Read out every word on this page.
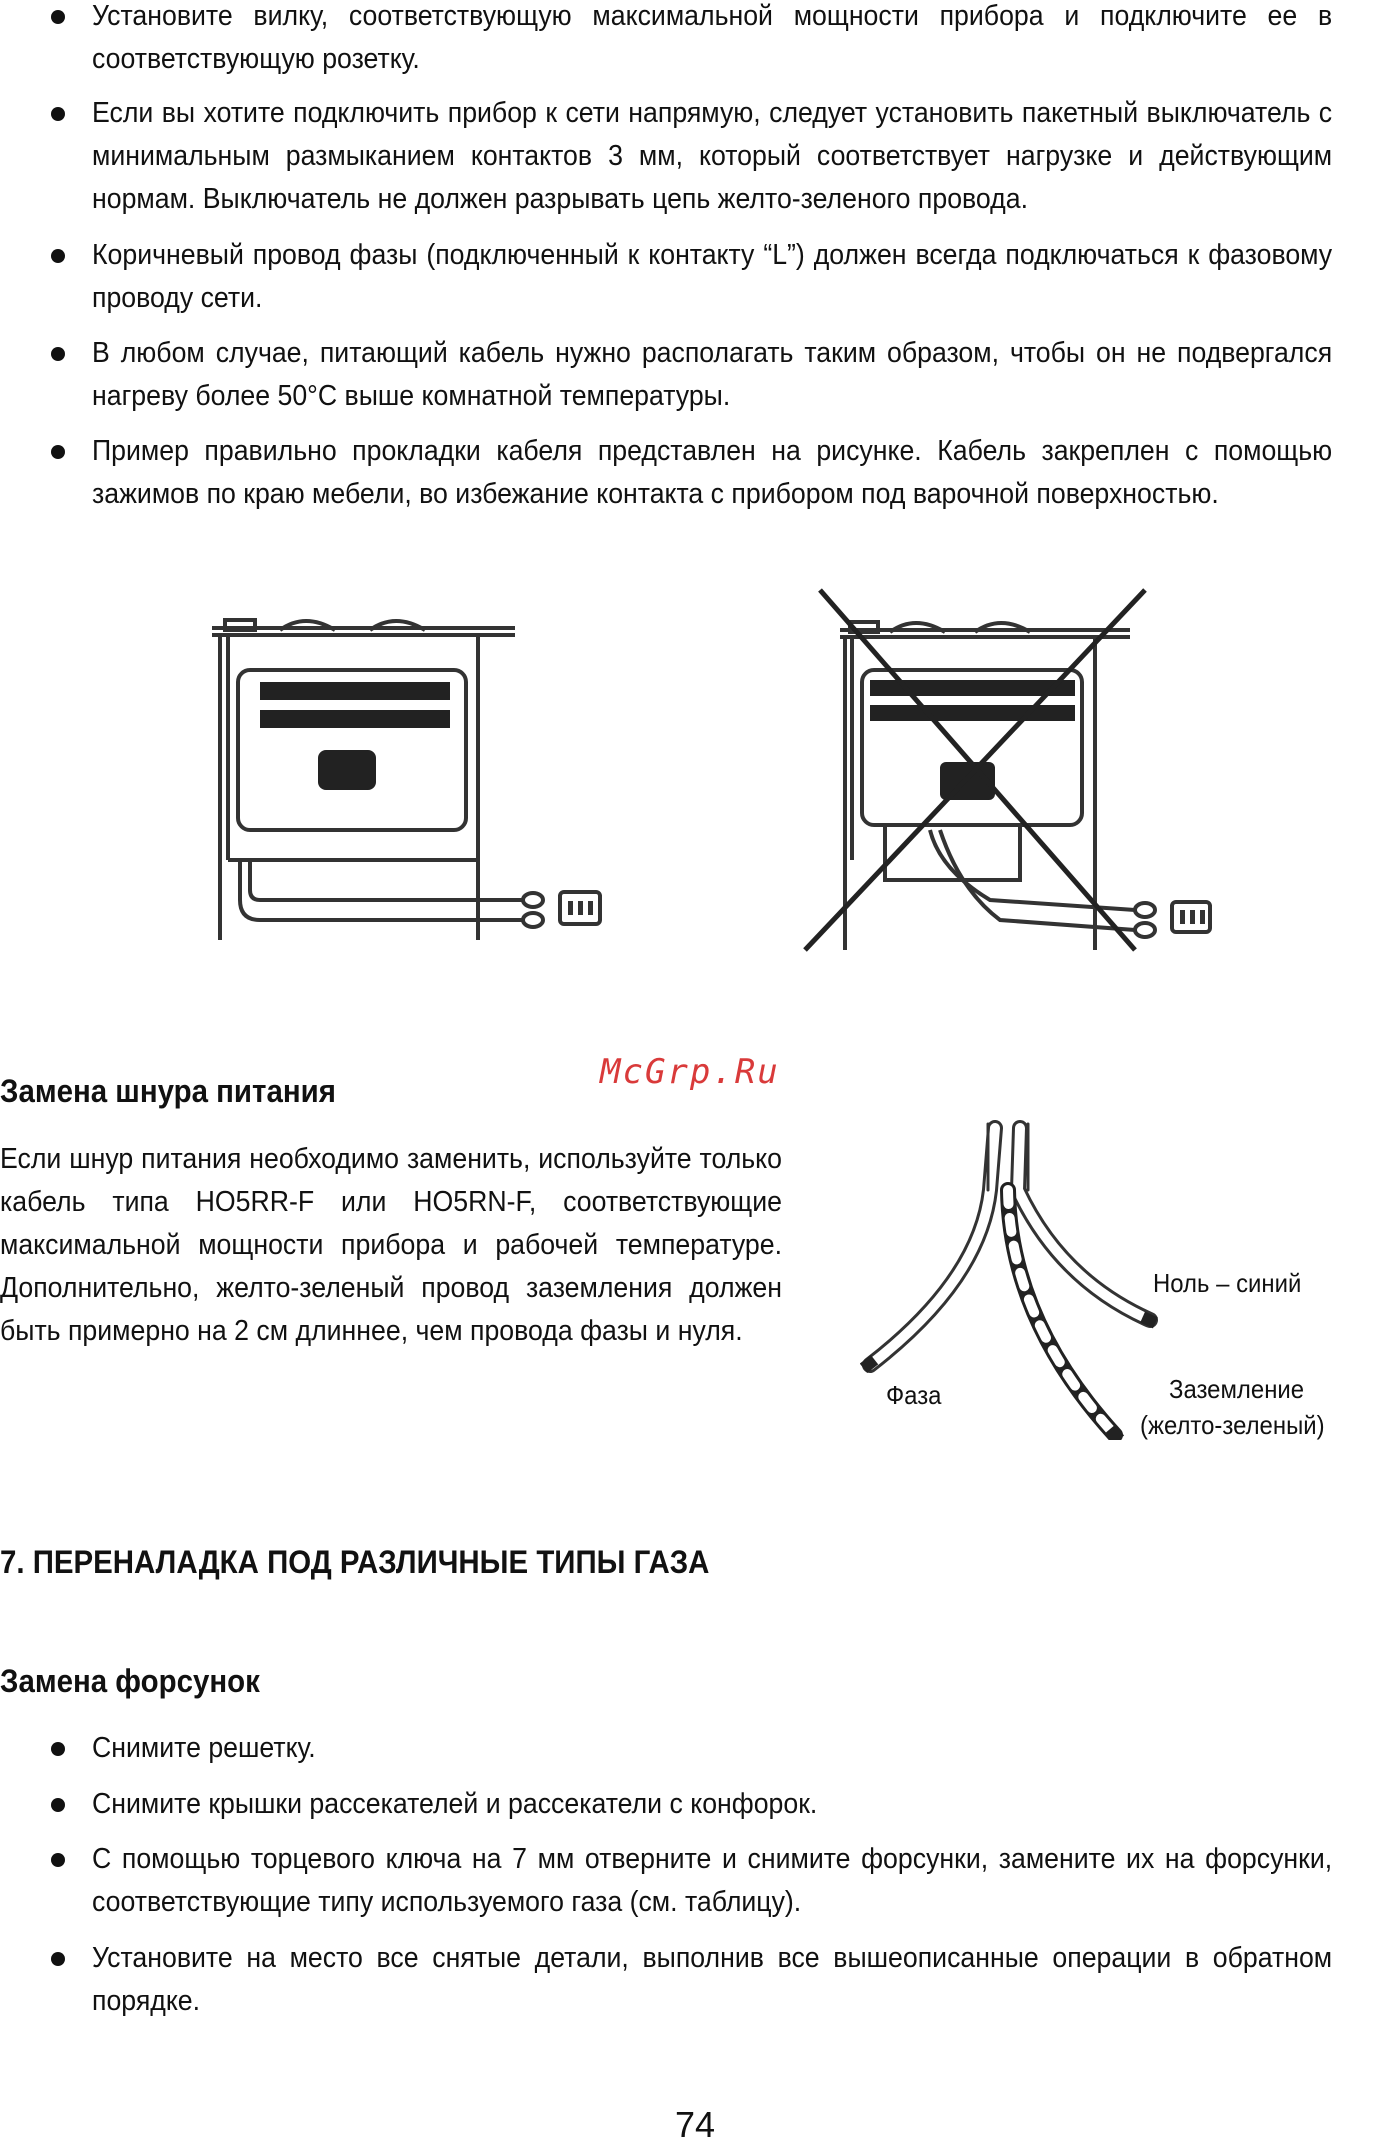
Установите вилку, соответствующую максимальной мощности прибора и подключите ее в соответствующую розетку.

Если вы хотите подключить прибор к сети напрямую, следует установить пакетный выключатель с минимальным размыканием контактов 3 мм, который соответствует нагрузке и действующим нормам. Выключатель не должен разрывать цепь желто-зеленого провода.

Коричневый провод фазы (подключенный к контакту “L”) должен всегда подключаться к фазовому проводу сети.

В любом случае, питающий кабель нужно располагать таким образом, чтобы он не подвергался нагреву более 50°С выше комнатной температуры.

Пример правильно прокладки кабеля представлен на рисунке. Кабель закреплен с помощью зажимов по краю мебели, во избежание контакта с прибором под варочной поверхностью.

Замена шнура питания	McGrp.Ru

Если шнур питания необходимо заменить, используйте только кабель типа HO5RR-F или HO5RN-F, соответствующие максимальной мощности прибора и рабочей температуре. Дополнительно, желто-зеленый провод заземления должен быть примерно на 2 см длиннее, чем провода фазы и нуля.

Ноль – синий
Фаза	Заземление
(желто-зеленый)
7. ПЕРЕНАЛАДКА ПОД РАЗЛИЧНЫЕ ТИПЫ ГАЗА
Замена форсунок

Снимите решетку.

Снимите крышки рассекателей и рассекатели с конфорок.

С помощью торцевого ключа на 7 мм отверните и снимите форсунки, замените их на форсунки, соответствующие типу используемого газа (см. таблицу).

Установите на место все снятые детали, выполнив все вышеописанные операции в обратном порядке.

74
